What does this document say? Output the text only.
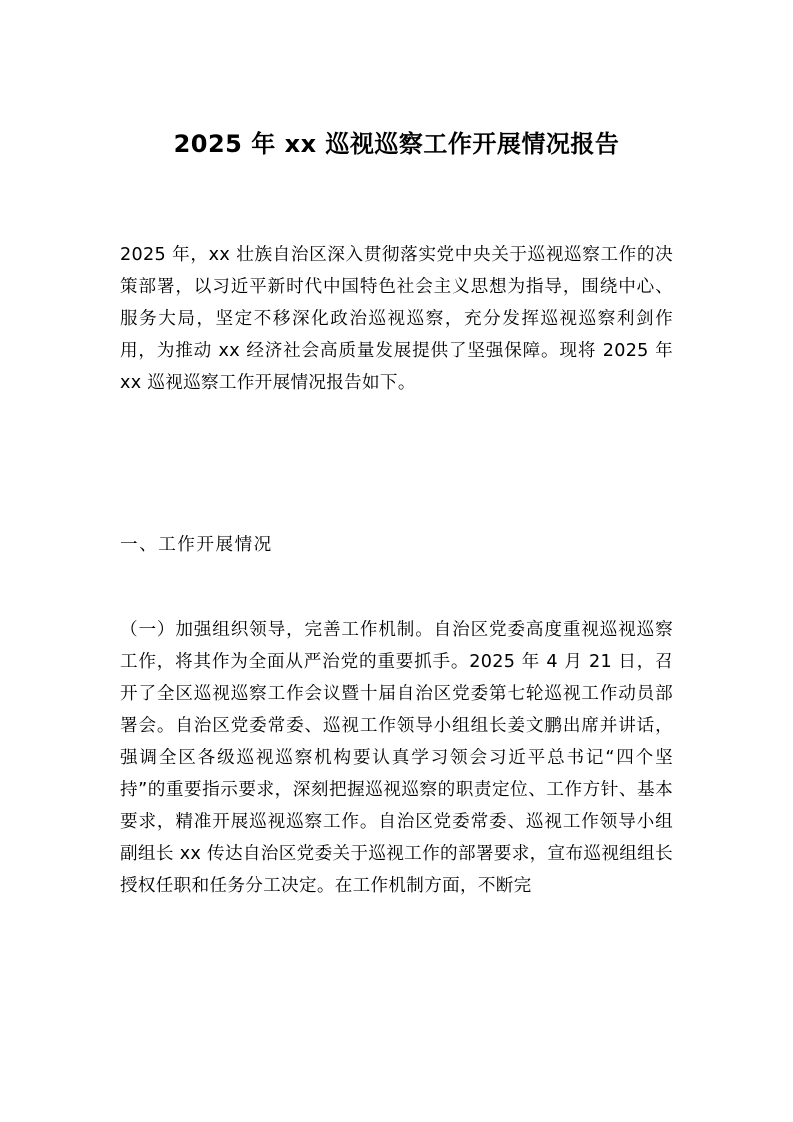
2025 年 xx 巡视巡察工作开展情况报告
2025 年，xx 壮族自治区深入贯彻落实党中央关于巡视巡察工作的决策部署，以习近平新时代中国特色社会主义思想为指导，围绕中心、服务大局，坚定不移深化政治巡视巡察，充分发挥巡视巡察利剑作用，为推动 xx 经济社会高质量发展提供了坚强保障。现将 2025 年 xx 巡视巡察工作开展情况报告如下。
一、工作开展情况
（一）加强组织领导，完善工作机制。自治区党委高度重视巡视巡察工作，将其作为全面从严治党的重要抓手。2025 年 4 月 21 日，召开了全区巡视巡察工作会议暨十届自治区党委第七轮巡视工作动员部署会。自治区党委常委、巡视工作领导小组组长姜文鹏出席并讲话，强调全区各级巡视巡察机构要认真学习领会习近平总书记“四个坚持”的重要指示要求，深刻把握巡视巡察的职责定位、工作方针、基本要求，精准开展巡视巡察工作。自治区党委常委、巡视工作领导小组副组长 xx 传达自治区党委关于巡视工作的部署要求，宣布巡视组组长授权任职和任务分工决定。在工作机制方面，不断完
